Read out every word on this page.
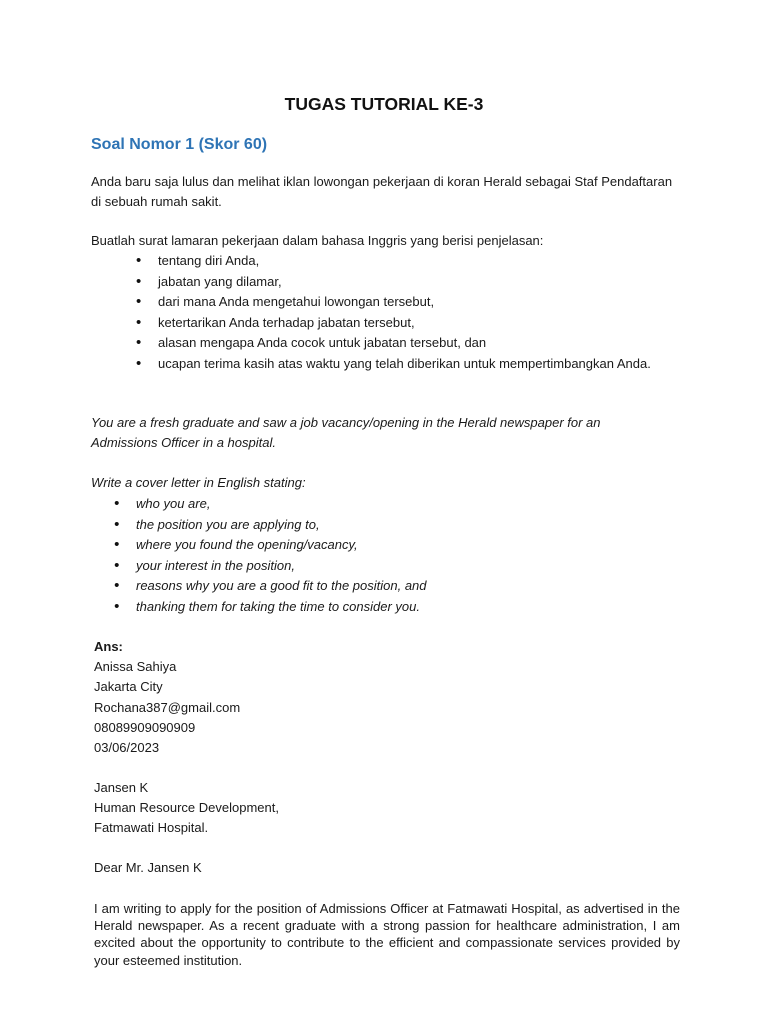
TUGAS TUTORIAL KE-3
Soal Nomor 1 (Skor 60)
Anda baru saja lulus dan melihat iklan lowongan pekerjaan di koran Herald sebagai Staf Pendaftaran di sebuah rumah sakit.
Buatlah surat lamaran pekerjaan dalam bahasa Inggris yang berisi penjelasan:
• tentang diri Anda,
• jabatan yang dilamar,
• dari mana Anda mengetahui lowongan tersebut,
• ketertarikan Anda terhadap jabatan tersebut,
• alasan mengapa Anda cocok untuk jabatan tersebut, dan
• ucapan terima kasih atas waktu yang telah diberikan untuk mempertimbangkan Anda.
You are a fresh graduate and saw a job vacancy/opening in the Herald newspaper for an Admissions Officer in a hospital.
Write a cover letter in English stating:
• who you are,
• the position you are applying to,
• where you found the opening/vacancy,
• your interest in the position,
• reasons why you are a good fit to the position, and
• thanking them for taking the time to consider you.
Ans:
Anissa Sahiya
Jakarta City
Rochana387@gmail.com
08089909090909
03/06/2023
Jansen K
Human Resource Development,
Fatmawati Hospital.
Dear Mr. Jansen K
I am writing to apply for the position of Admissions Officer at Fatmawati Hospital, as advertised in the Herald newspaper. As a recent graduate with a strong passion for healthcare administration, I am excited about the opportunity to contribute to the efficient and compassionate services provided by your esteemed institution.
